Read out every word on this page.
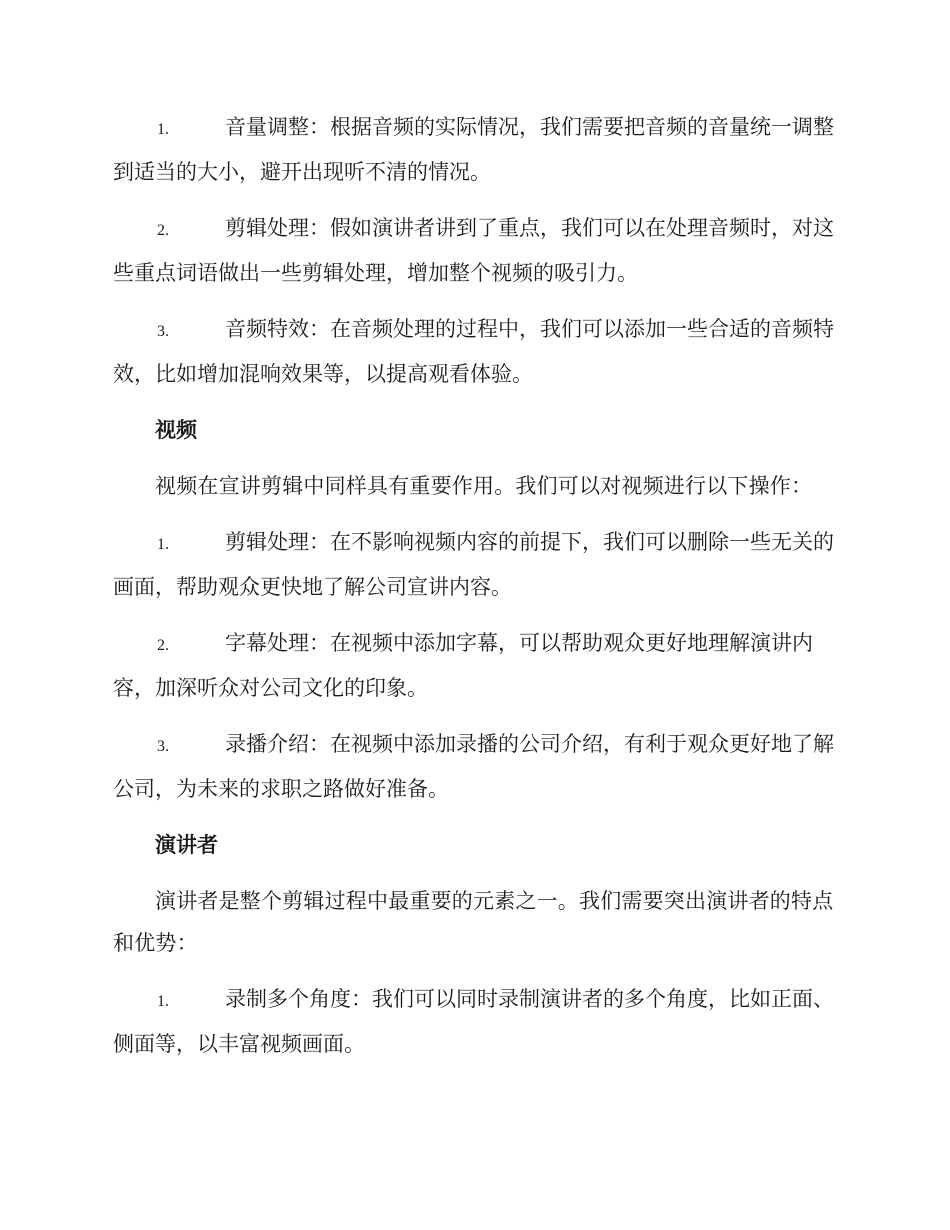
1.	音量调整：根据音频的实际情况，我们需要把音频的音量统一调整到适当的大小，避开出现听不清的情况。

2.	剪辑处理：假如演讲者讲到了重点，我们可以在处理音频时，对这些重点词语做出一些剪辑处理，增加整个视频的吸引力。

3.	音频特效：在音频处理的过程中，我们可以添加一些合适的音频特效，比如增加混响效果等，以提高观看体验。

视频

视频在宣讲剪辑中同样具有重要作用。我们可以对视频进行以下操作：

1.	剪辑处理：在不影响视频内容的前提下，我们可以删除一些无关的画面，帮助观众更快地了解公司宣讲内容。

2.	字幕处理：在视频中添加字幕，可以帮助观众更好地理解演讲内容，加深听众对公司文化的印象。

3.	录播介绍：在视频中添加录播的公司介绍，有利于观众更好地了解公司，为未来的求职之路做好准备。

演讲者

演讲者是整个剪辑过程中最重要的元素之一。我们需要突出演讲者的特点和优势：

1.	录制多个角度：我们可以同时录制演讲者的多个角度，比如正面、侧面等，以丰富视频画面。
